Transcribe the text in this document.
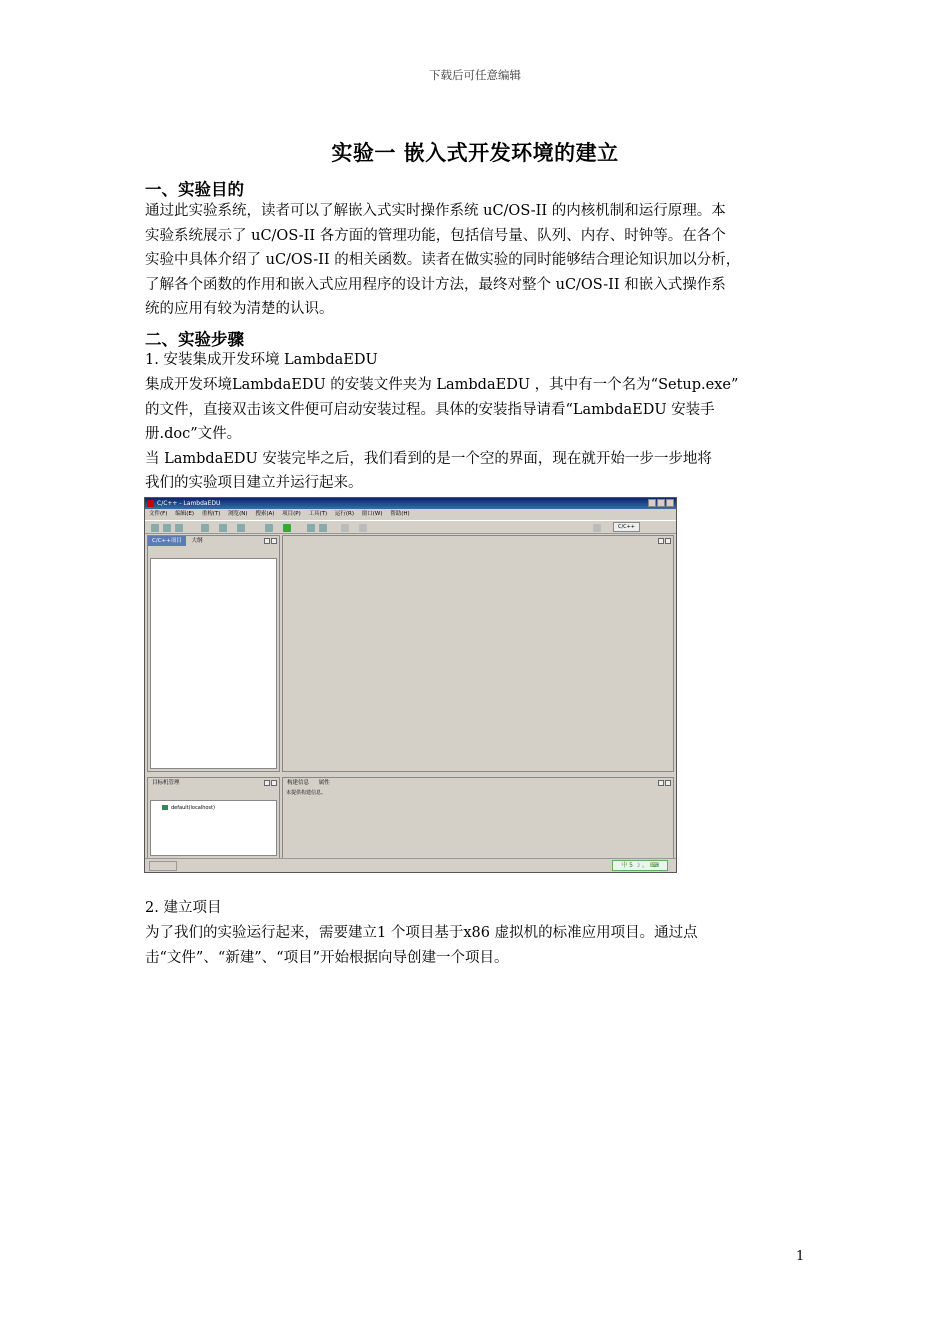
下载后可任意编辑
实验一 嵌入式开发环境的建立
一、实验目的
通过此实验系统，读者可以了解嵌入式实时操作系统 uC/OS-II 的内核机制和运行原理。本
实验系统展示了 uC/OS-II 各方面的管理功能，包括信号量、队列、内存、时钟等。在各个
实验中具体介绍了 uC/OS-II 的相关函数。读者在做实验的同时能够结合理论知识加以分析，
了解各个函数的作用和嵌入式应用程序的设计方法，最终对整个 uC/OS-II 和嵌入式操作系
统的应用有较为清楚的认识。
二、实验步骤
1. 安装集成开发环境 LambdaEDU
集成开发环境LambdaEDU 的安装文件夹为 LambdaEDU ，其中有一个名为“Setup.exe”
的文件，直接双击该文件便可启动安装过程。具体的安装指导请看“LambdaEDU 安装手
册.doc”文件。
当 LambdaEDU 安装完毕之后，我们看到的是一个空的界面，现在就开始一步一步地将
我们的实验项目建立并运行起来。
C/C++ - LambdaEDU
文件(F) 编辑(E) 重构(T) 浏览(N) 搜索(A) 项目(P) 工具(T) 运行(R) 窗口(W) 帮助(H)
C/C++
C/C++项目 大纲
目标机管理
default(localhost)
构建信息 属性
未提供构建信息。
中 5 ☽ 。 ⌨
2. 建立项目
为了我们的实验运行起来，需要建立1 个项目基于x86 虚拟机的标准应用项目。通过点
击“文件”、“新建”、“项目”开始根据向导创建一个项目。
1
